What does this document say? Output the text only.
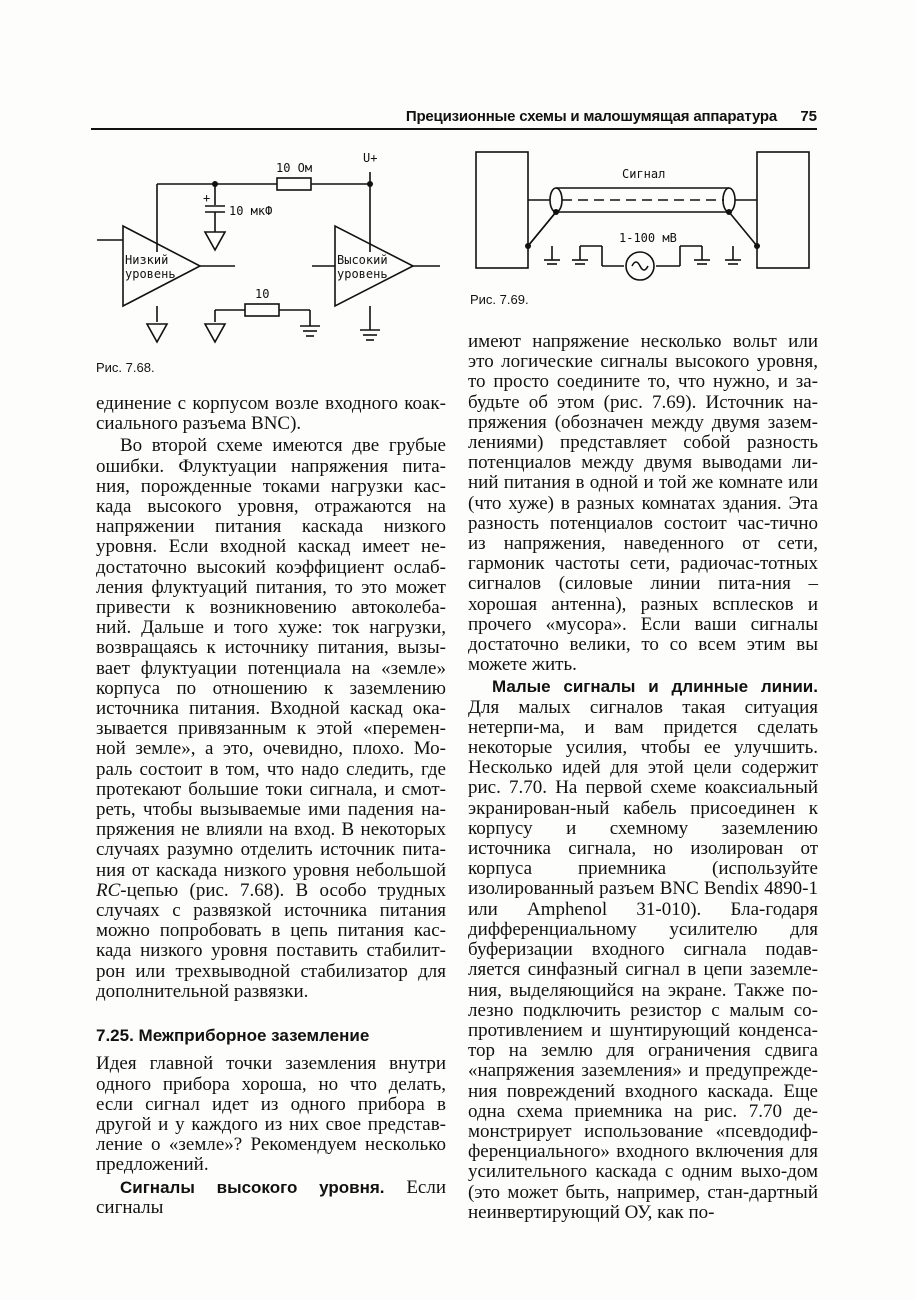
Прецизионные схемы и малошумящая аппаратура 75
10 Ом
U+
10 мкФ
+
Низкий
уровень
Высокий
уровень
10
Рис. 7.68.
Сигнал
1-100 мВ
Рис. 7.69.

единение с корпусом возле входного коак-сиального разъема BNC).

Во второй схеме имеются две грубые ошибки. Флуктуации напряжения пита-ния, порожденные токами нагрузки кас-када высокого уровня, отражаются на напряжении питания каскада низкого уровня. Если входной каскад имеет не-достаточно высокий коэффициент ослаб-ления флуктуаций питания, то это может привести к возникновению автоколеба-ний. Дальше и того хуже: ток нагрузки, возвращаясь к источнику питания, вызы-вает флуктуации потенциала на «земле» корпуса по отношению к заземлению источника питания. Входной каскад ока-зывается привязанным к этой «перемен-ной земле», а это, очевидно, плохо. Мо-раль состоит в том, что надо следить, где протекают большие токи сигнала, и смот-реть, чтобы вызываемые ими падения на-пряжения не влияли на вход. В некоторых случаях разумно отделить источник пита-ния от каскада низкого уровня небольшой RC-цепью (рис. 7.68). В особо трудных случаях с развязкой источника питания можно попробовать в цепь питания кас-када низкого уровня поставить стабилит-рон или трехвыводной стабилизатор для дополнительной развязки.

7.25. Межприборное заземление

Идея главной точки заземления внутри одного прибора хороша, но что делать, если сигнал идет из одного прибора в другой и у каждого из них свое представ-ление о «земле»? Рекомендуем несколько предложений.

Сигналы высокого уровня. Если сигналы

имеют напряжение несколько вольт или это логические сигналы высокого уровня, то просто соедините то, что нужно, и за-будьте об этом (рис. 7.69). Источник на-пряжения (обозначен между двумя зазем-лениями) представляет собой разность потенциалов между двумя выводами ли-ний питания в одной и той же комнате или (что хуже) в разных комнатах здания. Эта разность потенциалов состоит час-тично из напряжения, наведенного от сети, гармоник частоты сети, радиочас-тотных сигналов (силовые линии пита-ния – хорошая антенна), разных всплесков и прочего «мусора». Если ваши сигналы достаточно велики, то со всем этим вы можете жить.

Малые сигналы и длинные линии. Для малых сигналов такая ситуация нетерпи-ма, и вам придется сделать некоторые усилия, чтобы ее улучшить. Несколько идей для этой цели содержит рис. 7.70. На первой схеме коаксиальный экранирован-ный кабель присоединен к корпусу и схемному заземлению источника сигнала, но изолирован от корпуса приемника (используйте изолированный разъем BNC Bendix 4890-1 или Amphenol 31-010). Бла-годаря дифференциальному усилителю для буферизации входного сигнала подав-ляется синфазный сигнал в цепи заземле-ния, выделяющийся на экране. Также по-лезно подключить резистор с малым со-противлением и шунтирующий конденса-тор на землю для ограничения сдвига «напряжения заземления» и предупрежде-ния повреждений входного каскада. Еще одна схема приемника на рис. 7.70 де-монстрирует использование «псевдодиф-ференциального» входного включения для усилительного каскада с одним выхо-дом (это может быть, например, стан-дартный неинвертирующий ОУ, как по-
